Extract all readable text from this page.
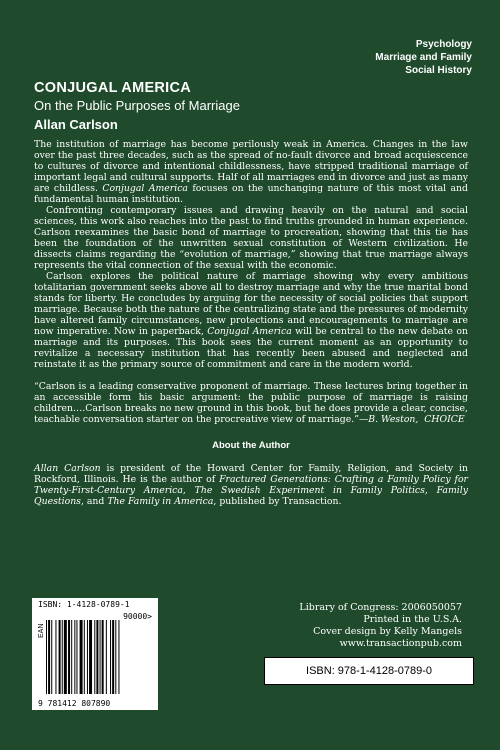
Psychology
Marriage and Family
Social History
CONJUGAL AMERICA

On the Public Purposes of Marriage

Allan Carlson

The institution of marriage has become perilously weak in America. Changes in the law over the past three decades, such as the spread of no-fault divorce and broad acquiescence to cultures of divorce and intentional childlessness, have stripped traditional marriage of important legal and cultural supports. Half of all marriages end in divorce and just as many are childless. Conjugal America focuses on the unchanging nature of this most vital and fundamental human institution.

Confronting contemporary issues and drawing heavily on the natural and social sciences, this work also reaches into the past to find truths grounded in human experience. Carlson reexamines the basic bond of marriage to procreation, showing that this tie has been the foundation of the unwritten sexual constitution of Western civilization. He dissects claims regarding the “evolution of marriage,” showing that true marriage always represents the vital connection of the sexual with the economic.

Carlson explores the political nature of marriage showing why every ambitious totalitarian government seeks above all to destroy marriage and why the true marital bond stands for liberty. He concludes by arguing for the necessity of social policies that support marriage. Because both the nature of the centralizing state and the pressures of modernity have altered family circumstances, new protections and encouragements to marriage are now imperative. Now in paperback, Conjugal America will be central to the new debate on marriage and its purposes. This book sees the current moment as an opportunity to revitalize a necessary institution that has recently been abused and neglected and reinstate it as the primary source of commitment and care in the modern world.

“Carlson is a leading conservative proponent of marriage. These lectures bring together in an accessible form his basic argument: the public purpose of marriage is raising children….Carlson breaks no new ground in this book, but he does provide a clear, concise, teachable conversation starter on the procreative view of marriage.”—B. Weston, CHOICE

About the Author

Allan Carlson is president of the Howard Center for Family, Religion, and Society in Rockford, Illinois. He is the author of Fractured Generations: Crafting a Family Policy for Twenty-First-Century America, The Swedish Experiment in Family Politics, Family Questions, and The Family in America, published by Transaction.

ISBN: 1-4128-0789-1
90000>
EAN
9 781412 807890
Library of Congress: 2006050057
Printed in the U.S.A.
Cover design by Kelly Mangels
www.transactionpub.com
ISBN: 978-1-4128-0789-0
